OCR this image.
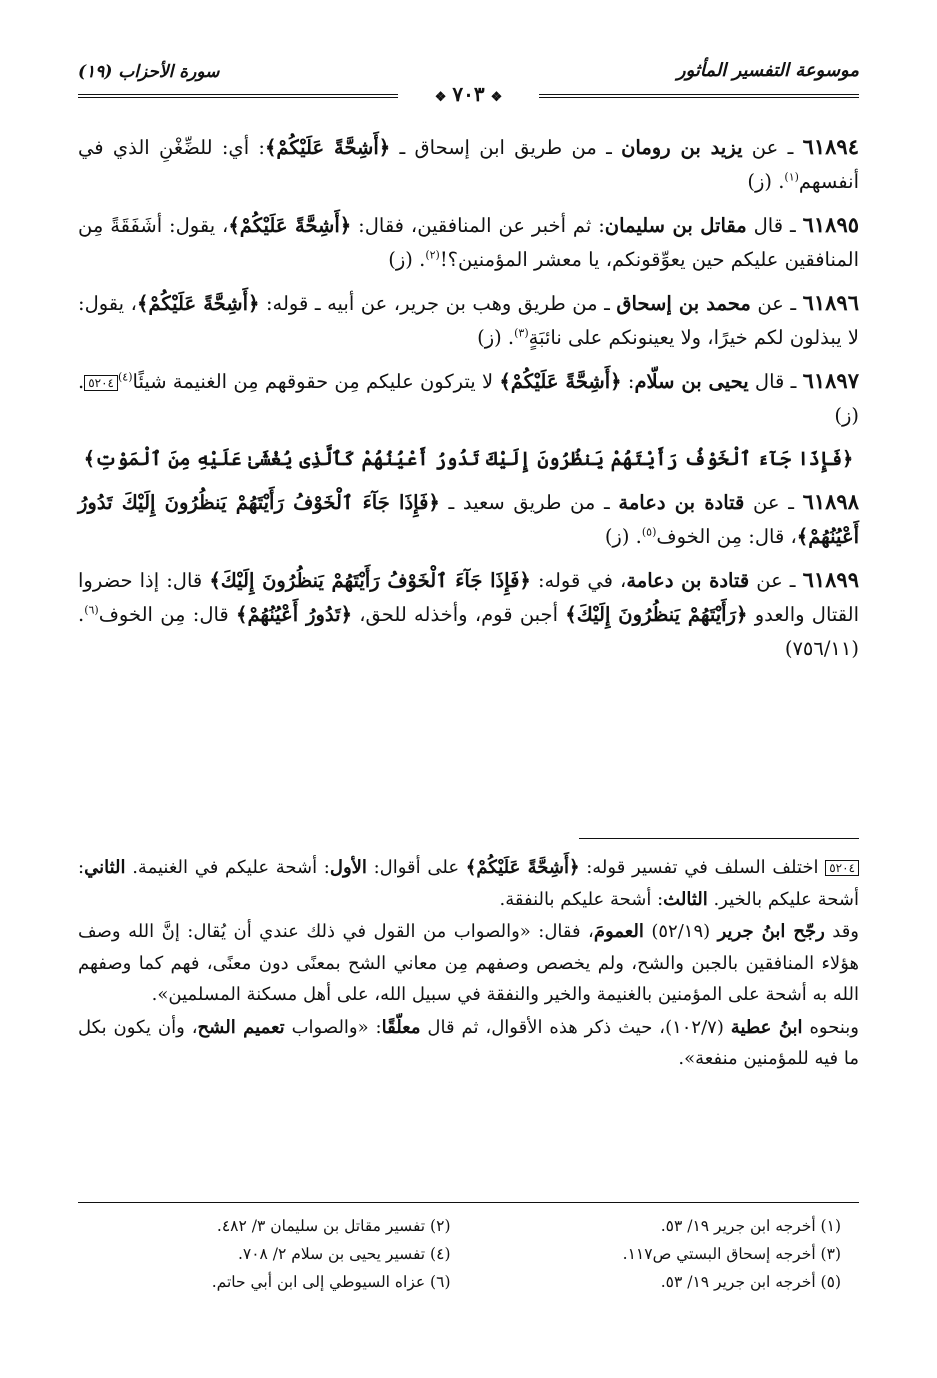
موسوعة التفسير المأثور
سورة الأحزاب (١٩)
❖٧٠٣❖

٦١٨٩٤ ـ عن يزيد بن رومان ـ من طريق ابن إسحاق ـ ﴿أَشِحَّةً عَلَيْكُمْ﴾: أي: للضِّغْنِ الذي في أنفسهم$^{(١)}$. (ز)

٦١٨٩٥ ـ قال مقاتل بن سليمان: ثم أخبر عن المنافقين، فقال: ﴿أَشِحَّةً عَلَيْكُمْ﴾، يقول: أشَفَقَةً مِن المنافقين عليكم حين يعوِّقونكم، يا معشر المؤمنين؟!$^{(٢)}$. (ز)

٦١٨٩٦ ـ عن محمد بن إسحاق ـ من طريق وهب بن جرير، عن أبيه ـ قوله: ﴿أَشِحَّةً عَلَيْكُمْ﴾، يقول: لا يبذلون لكم خيرًا، ولا يعينونكم على نائبَةٍ$^{(٣)}$. (ز)

٦١٨٩٧ ـ قال يحيى بن سلّام: ﴿أَشِحَّةً عَلَيْكُمْ﴾ لا يتركون عليكم مِن حقوقهم مِن الغنيمة شيئًا$^{(٤)}$٥٢٠٤. (ز)

﴿فَإِذَا جَآءَ ٱلْخَوْفُ رَأَيْتَهُمْ يَنظُرُونَ إِلَيْكَ تَدُورُ أَعْيُنُهُمْ كَٱلَّذِى يُغْشَىٰ عَلَيْهِ مِنَ ٱلْمَوْتِ﴾

٦١٨٩٨ ـ عن قتادة بن دعامة ـ من طريق سعيد ـ ﴿فَإِذَا جَآءَ ٱلْخَوْفُ رَأَيْتَهُمْ يَنظُرُونَ إِلَيْكَ تَدُورُ أَعْيُنُهُمْ﴾، قال: مِن الخوف$^{(٥)}$. (ز)

٦١٨٩٩ ـ عن قتادة بن دعامة، في قوله: ﴿فَإِذَا جَآءَ ٱلْخَوْفُ رَأَيْتَهُمْ يَنظُرُونَ إِلَيْكَ﴾ قال: إذا حضروا القتال والعدو ﴿رَأَيْتَهُمْ يَنظُرُونَ إِلَيْكَ﴾ أجبن قوم، وأخذله للحق، ﴿تَدُورُ أَعْيُنُهُمْ﴾ قال: مِن الخوف$^{(٦)}$. (٧٥٦/١١)

٥٢٠٤ اختلف السلف في تفسير قوله: ﴿أَشِحَّةً عَلَيْكُمْ﴾ على أقوال: الأول: أشحة عليكم في الغنيمة. الثاني: أشحة عليكم بالخير. الثالث: أشحة عليكم بالنفقة.

وقد رجّح ابنُ جرير (٥٢/١٩) العمومَ، فقال: «والصواب من القول في ذلك عندي أن يُقال: إنَّ الله وصف هؤلاء المنافقين بالجبن والشح، ولم يخصص وصفهم مِن معاني الشح بمعنًى دون معنًى، فهم كما وصفهم الله به أشحة على المؤمنين بالغنيمة والخير والنفقة في سبيل الله، على أهل مسكنة المسلمين».

وبنحوه ابنُ عطية (١٠٢/٧)، حيث ذكر هذه الأقوال، ثم قال معلّقًا: «والصواب تعميم الشح، وأن يكون بكل ما فيه للمؤمنين منفعة».

(١) أخرجه ابن جرير ١٩/ ٥٣.
(٢) تفسير مقاتل بن سليمان ٣/ ٤٨٢.
(٣) أخرجه إسحاق البستي ص١١٧.
(٤) تفسير يحيى بن سلام ٢/ ٧٠٨.
(٥) أخرجه ابن جرير ١٩/ ٥٣.
(٦) عزاه السيوطي إلى ابن أبي حاتم.
